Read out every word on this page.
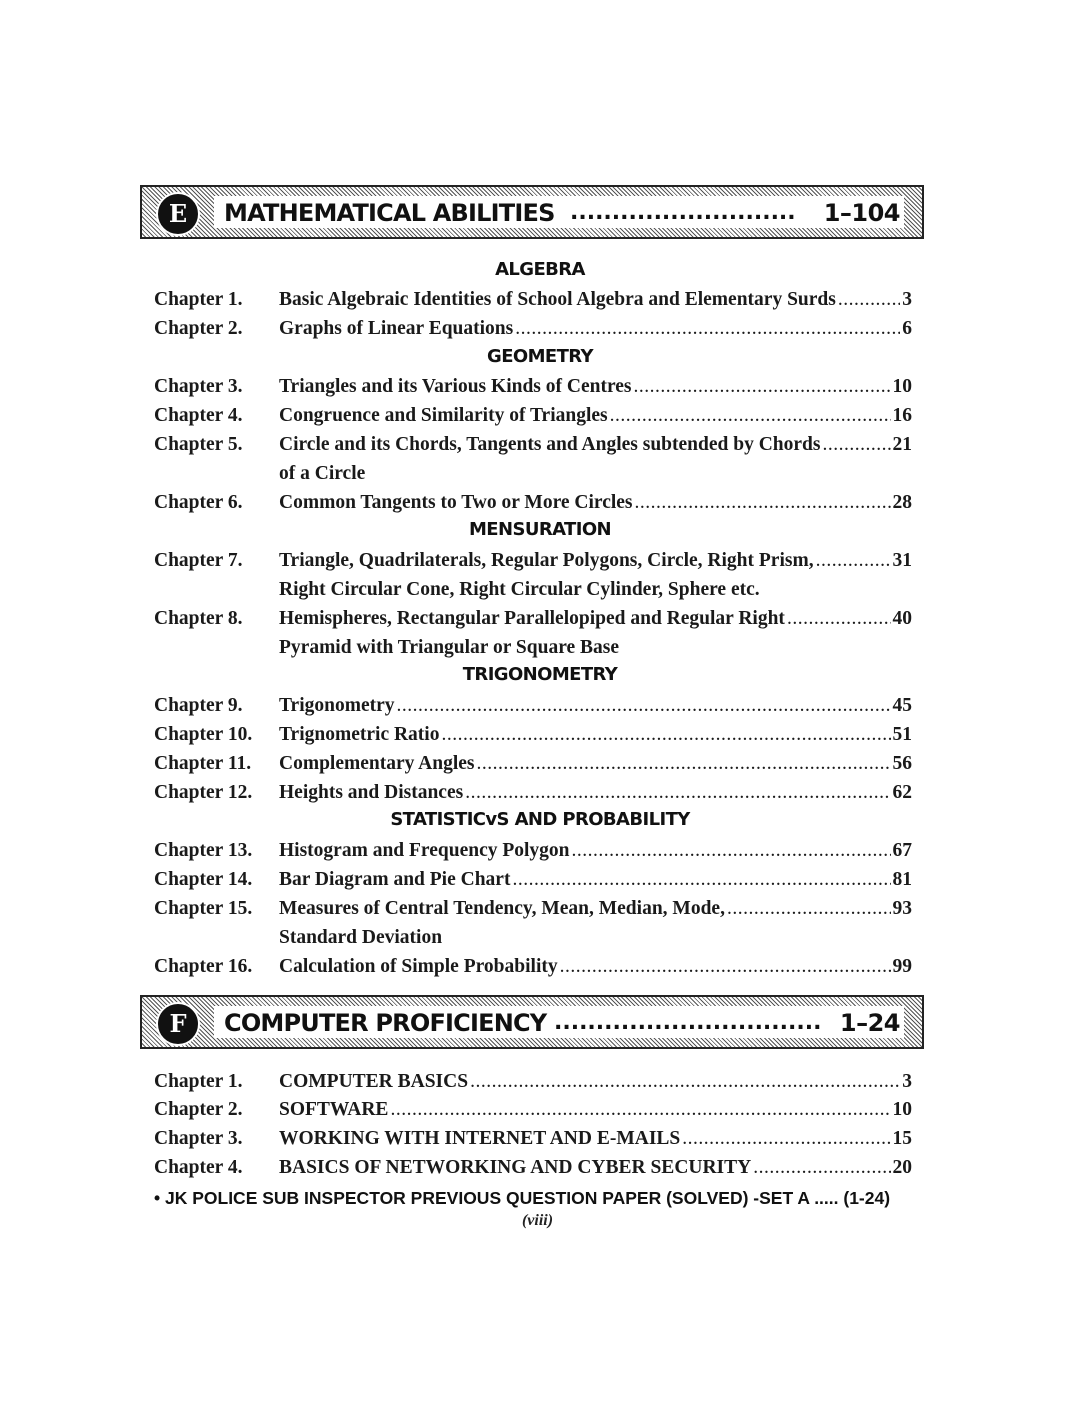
E	MATHEMATICAL ABILITIES ...........................	1–104
ALGEBRA
GEOMETRY
MENSURATION
TRIGONOMETRY
STATISTICvS AND PROBABILITY
Chapter 1. Basic Algebraic Identities of School Algebra and Elementary Surds .....	3
Chapter 2. Graphs of Linear Equations .....	6
Chapter 3. Triangles and its Various Kinds of Centres .....	10
Chapter 4. Congruence and Similarity of Triangles .....	16
Chapter 5. Circle and its Chords, Tangents and Angles subtended by Chords .....	21
of a Circle
Chapter 6. Common Tangents to Two or More Circles .....	28
Chapter 7. Triangle, Quadrilaterals, Regular Polygons, Circle, Right Prism, .....	31
Right Circular Cone, Right Circular Cylinder, Sphere etc.
Chapter 8. Hemispheres, Rectangular Parallelopiped and Regular Right .....	40
Pyramid with Triangular or Square Base
Chapter 9. Trigonometry .....	45
Chapter 10. Trignometric Ratio .....	51
Chapter 11. Complementary Angles .....	56
Chapter 12. Heights and Distances .....	62
Chapter 13. Histogram and Frequency Polygon .....	67
Chapter 14. Bar Diagram and Pie Chart .....	81
Chapter 15. Measures of Central Tendency, Mean, Median, Mode, .....	93
Standard Deviation
Chapter 16. Calculation of Simple Probability .....	99
F	COMPUTER PROFICIENCY ................................ 1–24
Chapter 1. COMPUTER BASICS .....	3
Chapter 2. SOFTWARE .....	10
Chapter 3. WORKING WITH INTERNET AND E-MAILS .....	15
Chapter 4. BASICS OF NETWORKING AND CYBER SECURITY .....	20
• JK POLICE SUB INSPECTOR PREVIOUS QUESTION PAPER (SOLVED) -SET A ..... (1-24)
(viii)
